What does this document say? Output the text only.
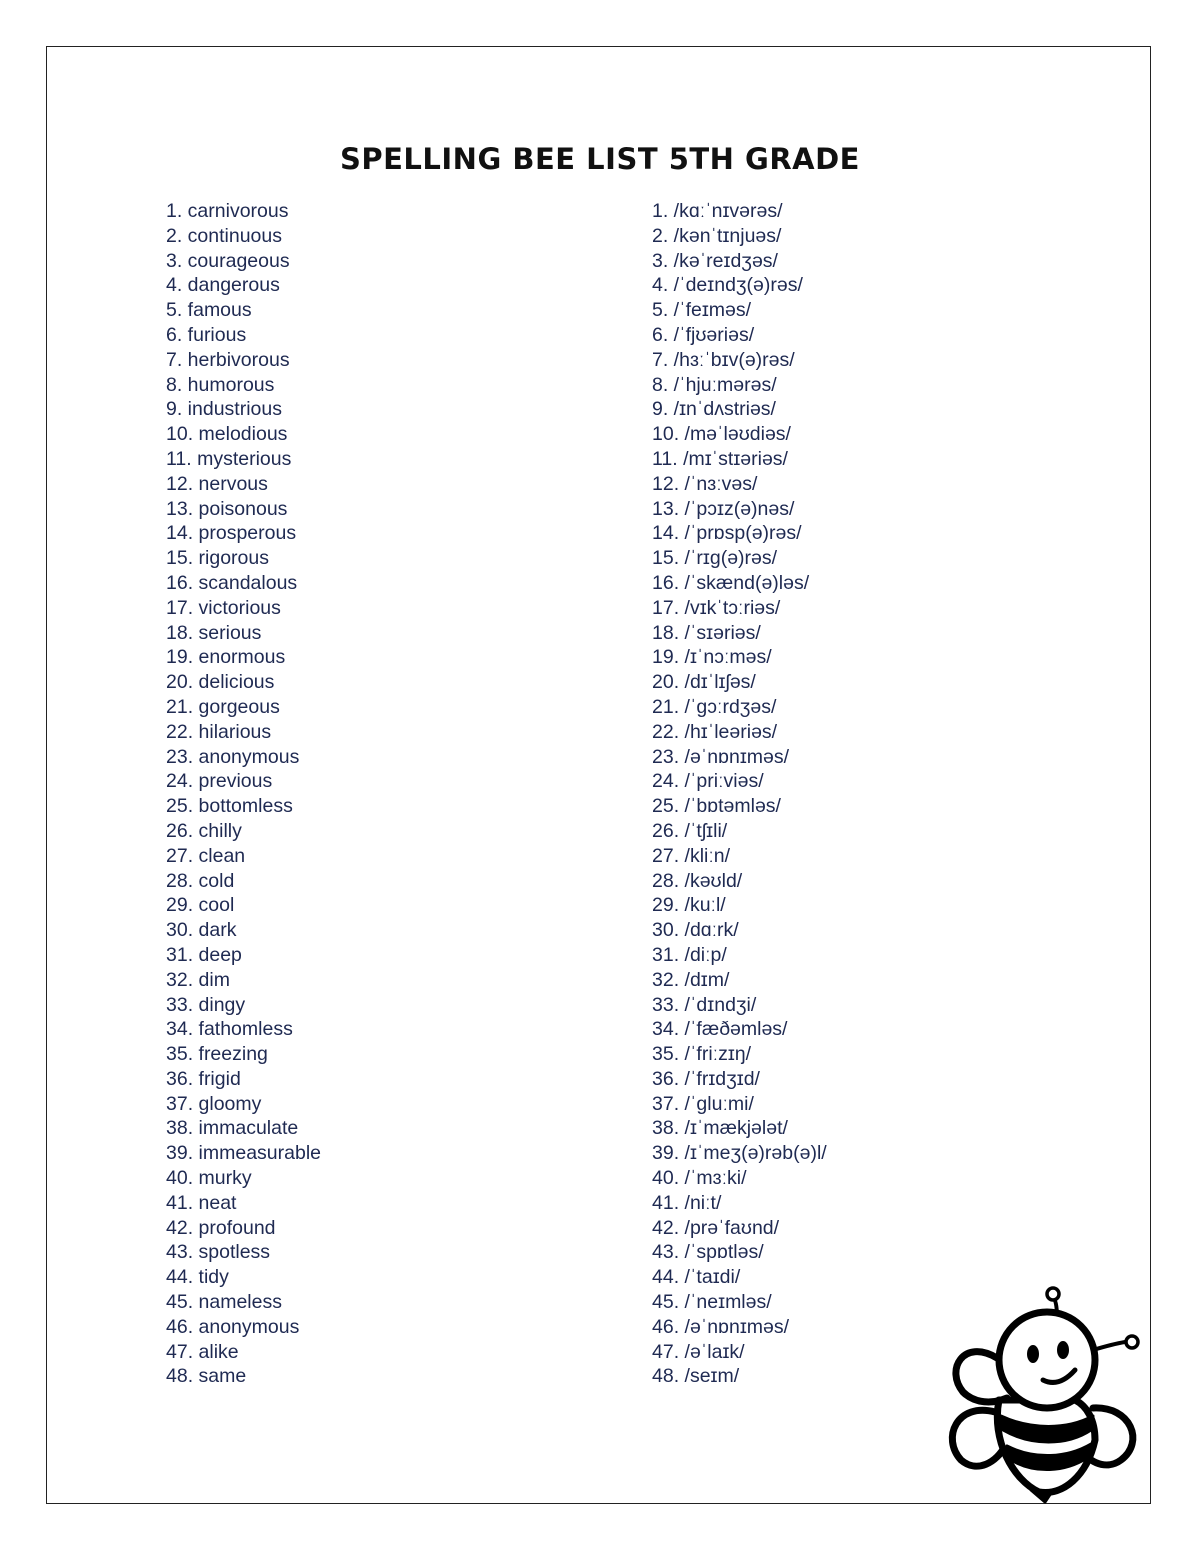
SPELLING BEE LIST 5TH GRADE
1. carnivorous
2. continuous
3. courageous
4. dangerous
5. famous
6. furious
7. herbivorous
8. humorous
9. industrious
10. melodious
11. mysterious
12. nervous
13. poisonous
14. prosperous
15. rigorous
16. scandalous
17. victorious
18. serious
19. enormous
20. delicious
21. gorgeous
22. hilarious
23. anonymous
24. previous
25. bottomless
26. chilly
27. clean
28. cold
29. cool
30. dark
31. deep
32. dim
33. dingy
34. fathomless
35. freezing
36. frigid
37. gloomy
38. immaculate
39. immeasurable
40. murky
41. neat
42. profound
43. spotless
44. tidy
45. nameless
46. anonymous
47. alike
48. same
1. /kɑːˈnɪvərəs/
2. /kənˈtɪnjuəs/
3. /kəˈreɪdʒəs/
4. /ˈdeɪndʒ(ə)rəs/
5. /ˈfeɪməs/
6. /ˈfjʊəriəs/
7. /hɜːˈbɪv(ə)rəs/
8. /ˈhjuːmərəs/
9. /ɪnˈdʌstriəs/
10. /məˈləʊdiəs/
11. /mɪˈstɪəriəs/
12. /ˈnɜːvəs/
13. /ˈpɔɪz(ə)nəs/
14. /ˈprɒsp(ə)rəs/
15. /ˈrɪg(ə)rəs/
16. /ˈskænd(ə)ləs/
17. /vɪkˈtɔːriəs/
18. /ˈsɪəriəs/
19. /ɪˈnɔːməs/
20. /dɪˈlɪʃəs/
21. /ˈgɔːrdʒəs/
22. /hɪˈleəriəs/
23. /əˈnɒnɪməs/
24. /ˈpriːviəs/
25. /ˈbɒtəmləs/
26. /ˈtʃɪli/
27. /kliːn/
28. /kəʊld/
29. /kuːl/
30. /dɑːrk/
31. /diːp/
32. /dɪm/
33. /ˈdɪndʒi/
34. /ˈfæðəmləs/
35. /ˈfriːzɪŋ/
36. /ˈfrɪdʒɪd/
37. /ˈgluːmi/
38. /ɪˈmækjələt/
39. /ɪˈmeʒ(ə)rəb(ə)l/
40. /ˈmɜːki/
41. /niːt/
42. /prəˈfaʊnd/
43. /ˈspɒtləs/
44. /ˈtaɪdi/
45. /ˈneɪmləs/
46. /əˈnɒnɪməs/
47. /əˈlaɪk/
48. /seɪm/
